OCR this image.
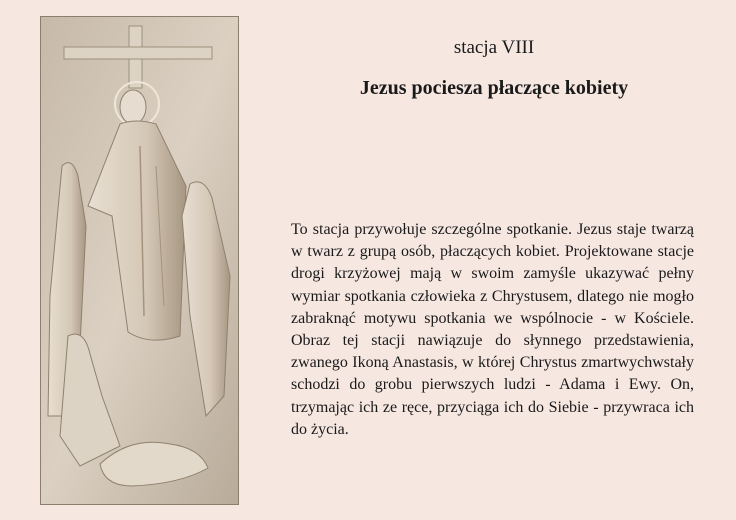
stacja VIII
Jezus pociesza płaczące kobiety

To stacja przywołuje szczególne spotkanie. Jezus staje twarzą w twarz z grupą osób, płaczących kobiet. Projektowane stacje drogi krzyżowej mają w swoim zamyśle ukazywać pełny wymiar spotkania człowieka z Chrystusem, dlatego nie mogło zabraknąć motywu spotkania we wspólnocie - w Kościele. Obraz tej stacji nawiązuje do słynnego przedstawienia, zwanego Ikoną Anastasis, w której Chrystus zmartwychwstały schodzi do grobu pierwszych ludzi - Adama i Ewy. On, trzymając ich ze ręce, przyciąga ich do Siebie - przywraca ich do życia.
